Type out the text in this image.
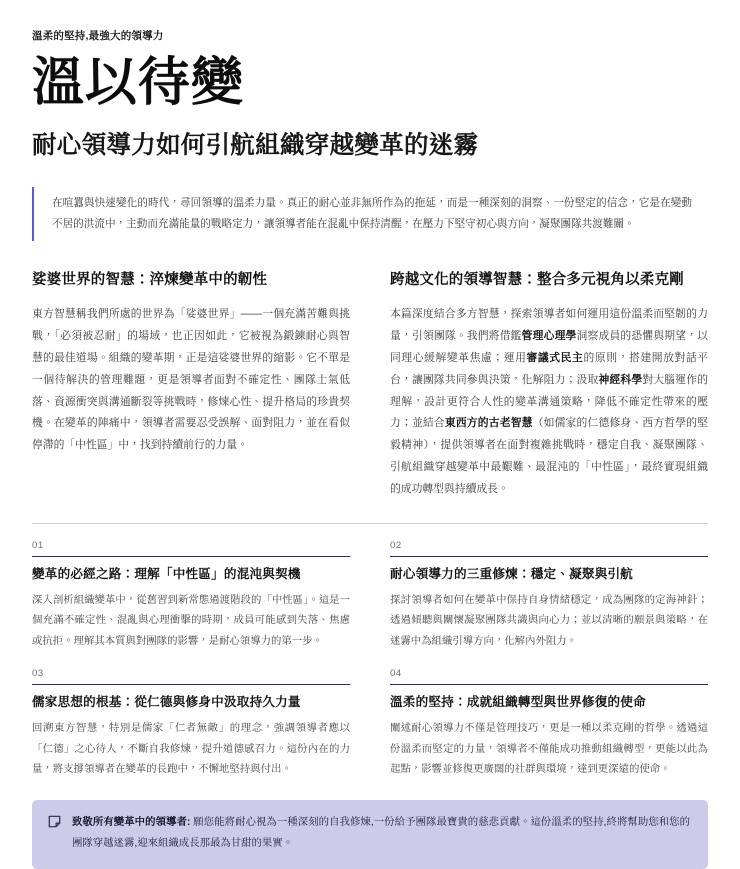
溫柔的堅持,最強大的領導力

溫以待變
耐心領導力如何引航組織穿越變革的迷霧

在喧囂與快速變化的時代，尋回領導的溫柔力量。真正的耐心並非無所作為的拖延，而是一種深刻的洞察、一份堅定的信念，它是在變動不居的洪流中，主動而充滿能量的戰略定力，讓領導者能在混亂中保持清醒，在壓力下堅守初心與方向，凝聚團隊共渡難關。

娑婆世界的智慧：淬煉變革中的韌性

東方智慧稱我們所處的世界為「娑婆世界」——一個充滿苦難與挑戰，「必須被忍耐」的場域，也正因如此，它被視為鍛鍊耐心與智慧的最佳道場。組織的變革期，正是這娑婆世界的縮影。它不單是一個待解決的管理難題，更是領導者面對不確定性、團隊士氣低落、資源衝突與溝通斷裂等挑戰時，修煉心性、提升格局的珍貴契機。在變革的陣痛中，領導者需要忍受誤解、面對阻力，並在看似停滯的「中性區」中，找到持續前行的力量。

跨越文化的領導智慧：整合多元視角以柔克剛

本篇深度結合多方智慧，探索領導者如何運用這份溫柔而堅韌的力量，引領團隊。我們將借鑑管理心理學洞察成員的恐懼與期望，以同理心緩解變革焦慮；運用審議式民主的原則，搭建開放對話平台，讓團隊共同參與決策，化解阻力；汲取神經科學對大腦運作的理解，設計更符合人性的變革溝通策略，降低不確定性帶來的壓力；並結合東西方的古老智慧（如儒家的仁德修身、西方哲學的堅毅精神），提供領導者在面對複雜挑戰時，穩定自我、凝聚團隊、引航組織穿越變革中最艱難、最混沌的「中性區」，最終實現組織的成功轉型與持續成長。

01

變革的必經之路：理解「中性區」的混沌與契機

深入剖析組織變革中，從舊習到新常態過渡階段的「中性區」。這是一個充滿不確定性、混亂與心理衝擊的時期，成員可能感到失落、焦慮或抗拒。理解其本質與對團隊的影響，是耐心領導力的第一步。

02

耐心領導力的三重修煉：穩定、凝聚與引航

探討領導者如何在變革中保持自身情緒穩定，成為團隊的定海神針；透過傾聽與關懷凝聚團隊共識與向心力；並以清晰的願景與策略，在迷霧中為組織引導方向，化解內外阻力。

03

儒家思想的根基：從仁德與修身中汲取持久力量

回溯東方智慧，特別是儒家「仁者無敵」的理念，強調領導者應以「仁德」之心待人，不斷自我修煉，提升道德感召力。這份內在的力量，將支撐領導者在變革的長跑中，不懈地堅持與付出。

04

溫柔的堅持：成就組織轉型與世界修復的使命

闡述耐心領導力不僅是管理技巧，更是一種以柔克剛的哲學。透過這份溫柔而堅定的力量，領導者不僅能成功推動組織轉型，更能以此為起點，影響並修復更廣闊的社群與環境，達到更深遠的使命。

致敬所有變革中的領導者: 願您能將耐心視為一種深刻的自我修煉,一份給予團隊最寶貴的慈悲貢獻。這份溫柔的堅持,終將幫助您和您的團隊穿越迷霧,迎來組織成長那最為甘甜的果實。
